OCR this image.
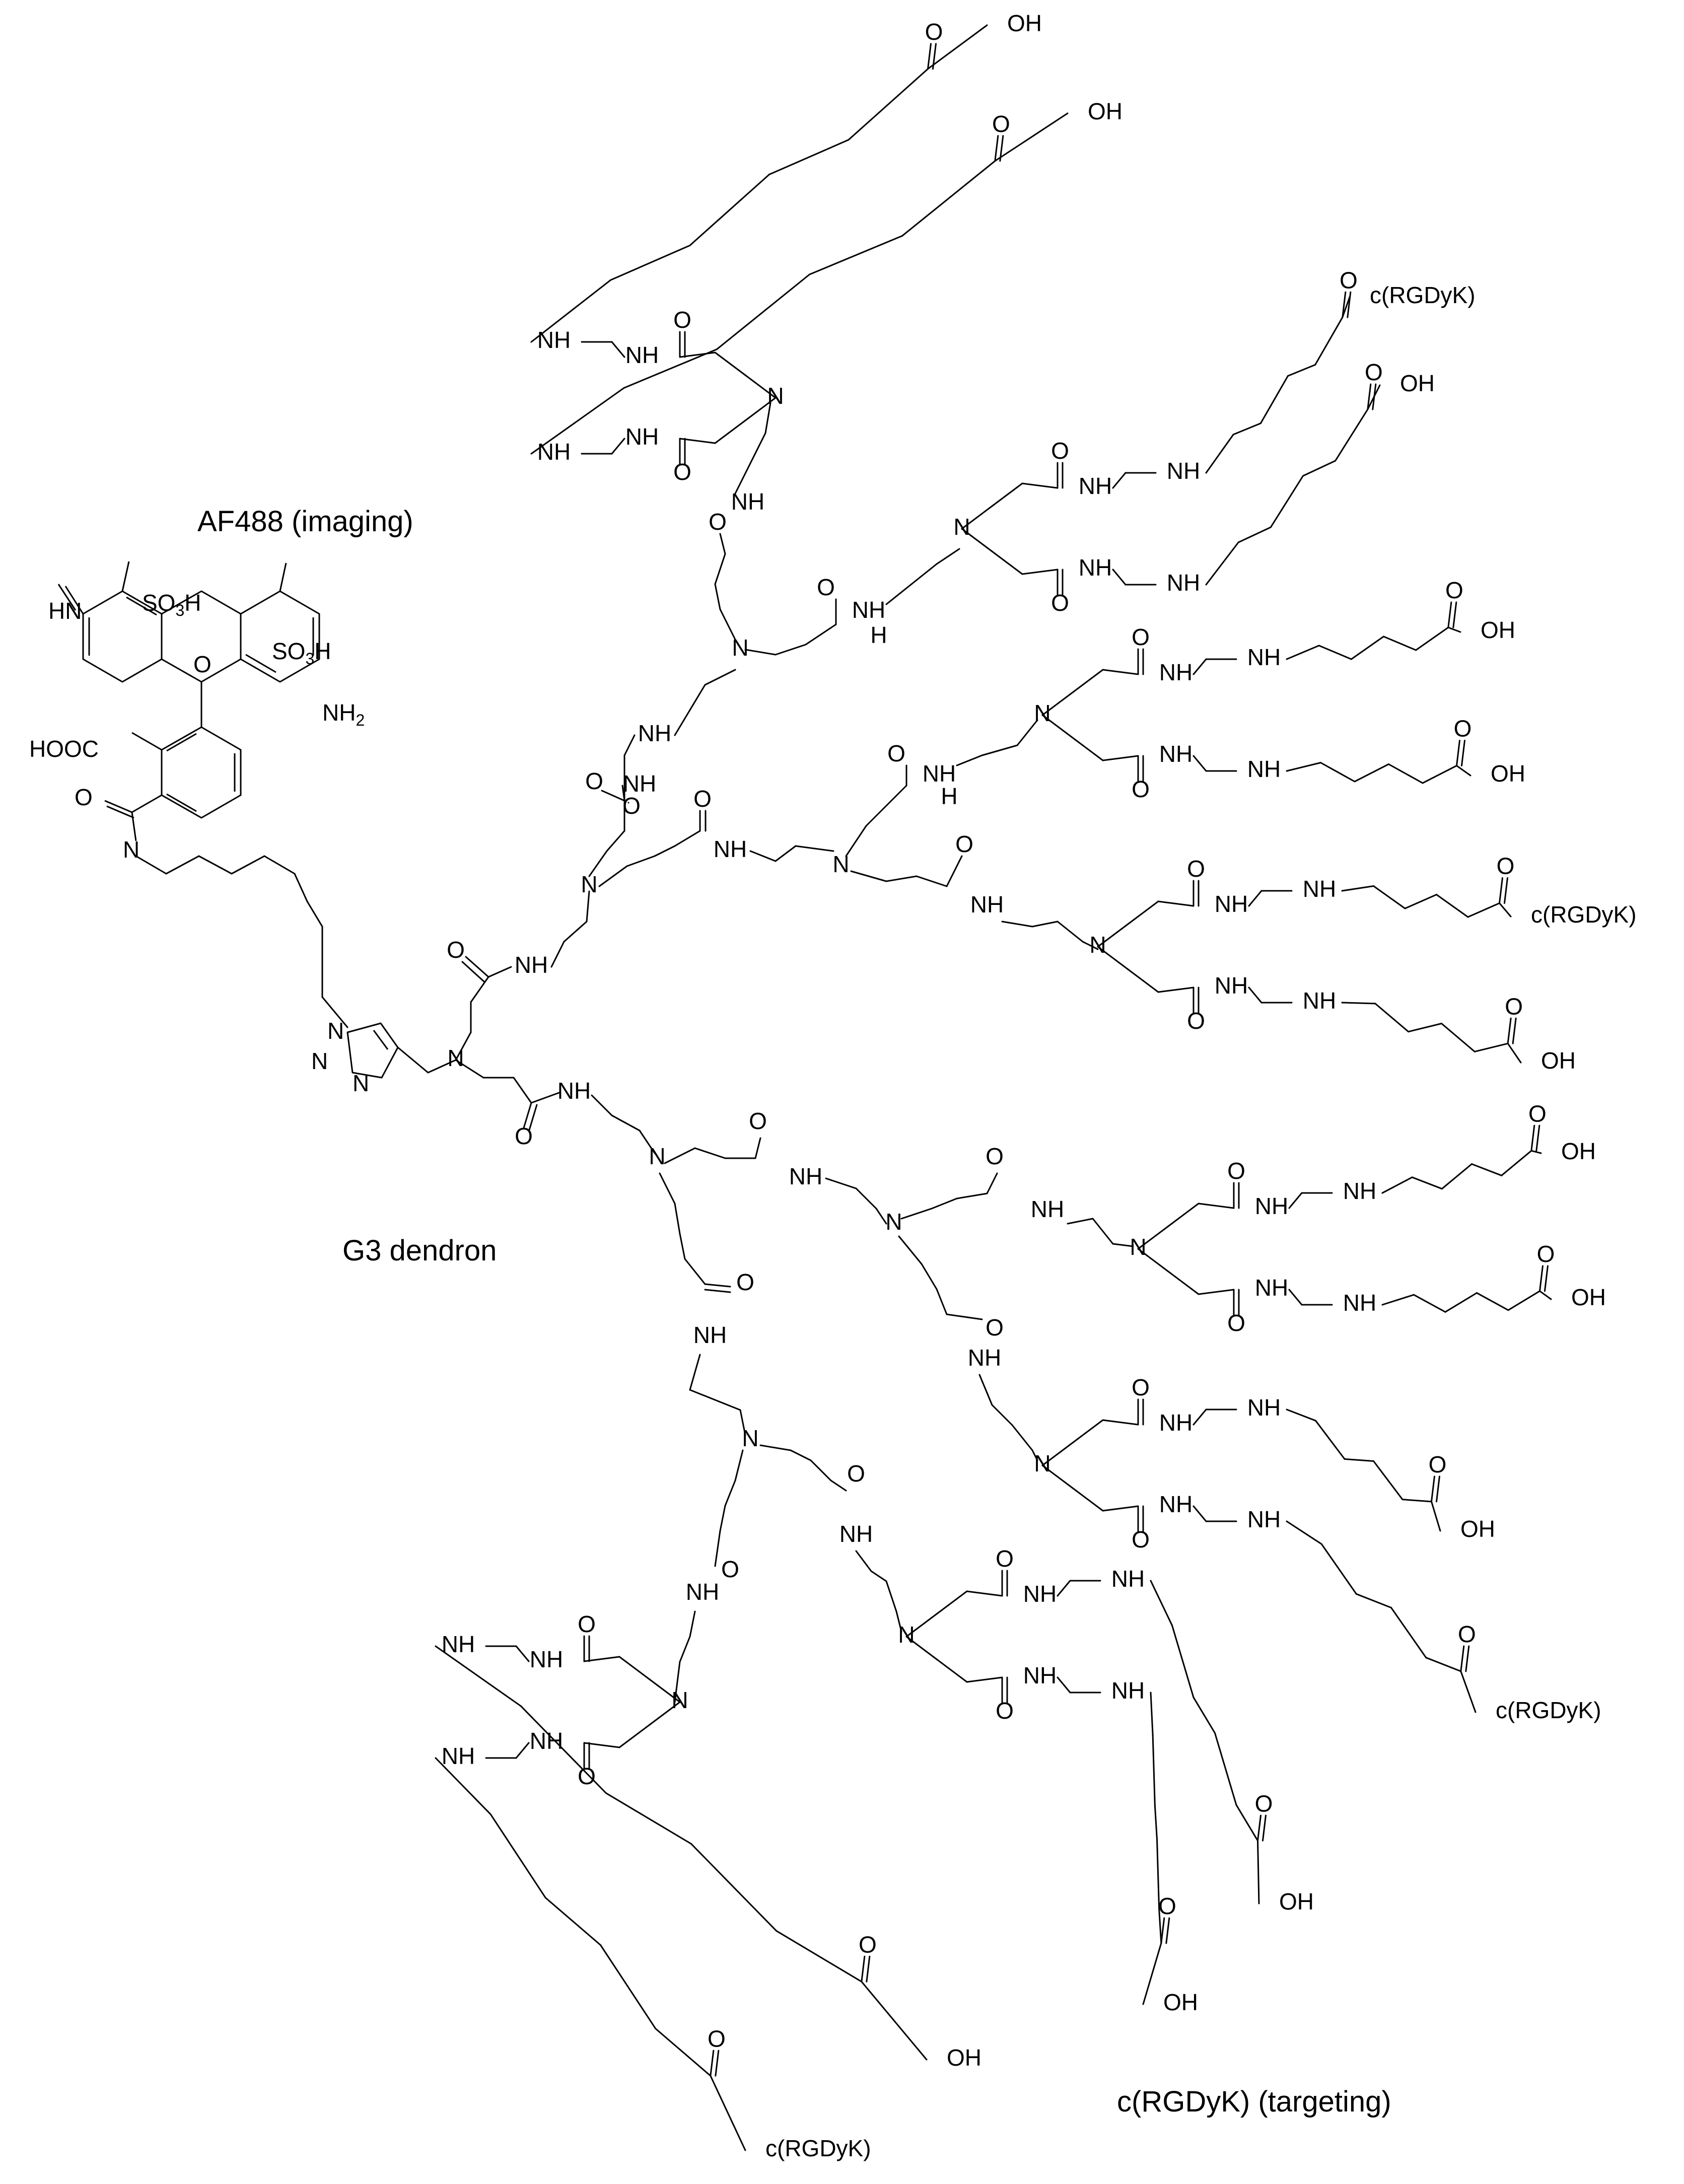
N
O
NH
N
O
NH
N
O
NH
O
NH
N
O
NH
N
O
NH
N
O
NH
H
N
O
NH
H
N
O
NH
N
O
NH
N
O
NH
N
O
NH
N
O
NH
N
O
NH
N
O
NH
N
O
NH
NH
O
O
NH
NH
O
O
NH
NH
O
O
NH
NH
O
O
NH
NH
O
O
NH
NH
O
O
NH
NH
O
O
NH
NH	O
O
NH
NH
O
O
NH
NH
O
O
NH
NH
O
O
NH
NH
O
O
NH
NH
O
O
NH
NH
O
O
NH
NH
O
O
NH
NH
O
OH
OH
c(RGDyK)
OH
OH
OH
c(RGDyK)
OH
OH
OH
OH
c(RGDyK)
OH
OH
OH
c(RGDyK)
AF488 (imaging)
G3 dendron
c(RGDyK) (targeting)
HN	$SO_3H$
O	$SO_3H$
$NH_2$
HOOC
O
N
N
N
N
